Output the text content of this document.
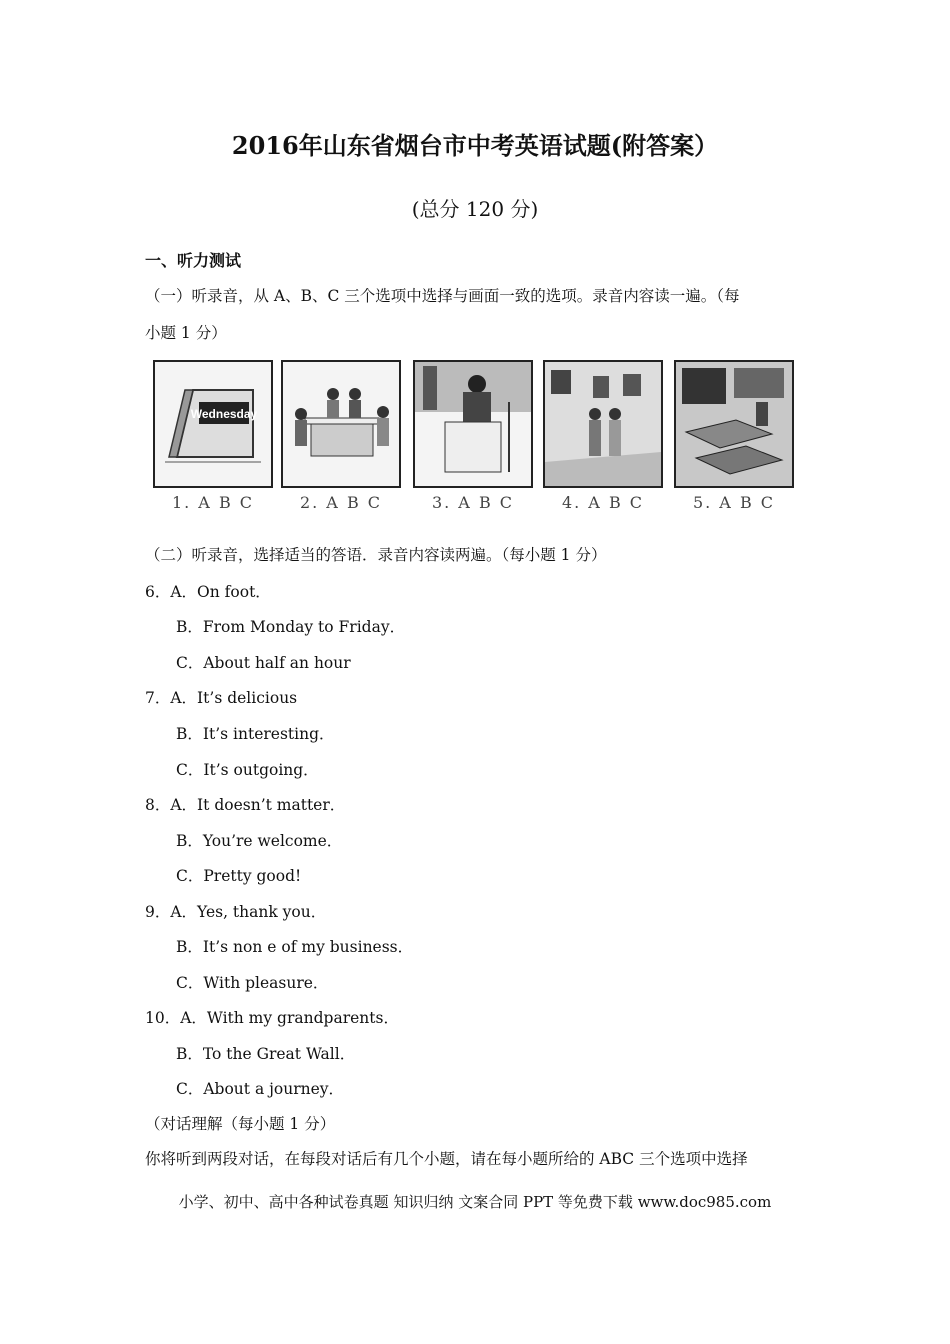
2016年山东省烟台市中考英语试题(附答案）
(总分 120 分)
一、听力测试
（一）听录音，从 A、B、C 三个选项中选择与画面一致的选项。录音内容读一遍。（每
小题 1 分）
Wednesday
1. A B C	2. A B C	3. A B C	4. A B C	5. A B C
（二）听录音，选择适当的答语．录音内容读两遍。（每小题 1 分）
6．A．On foot．
B．From Monday to Friday．
C．About half an hour
7．A．It’s delicious
B．It’s interesting．
C．It’s outgoing．
8．A．It doesn’t matter．
B．You’re welcome．
C．Pretty good!
9．A．Yes, thank you．
B．It’s non e of my business．
C．With pleasure．
10．A．With my grandparents．
B．To the Great Wall．
C．About a journey．
（对话理解（每小题 1 分）
你将听到两段对话，在每段对话后有几个小题，请在每小题所给的 ABC 三个选项中选择
小学、初中、高中各种试卷真题 知识归纳 文案合同 PPT 等免费下载 www.doc985.com
